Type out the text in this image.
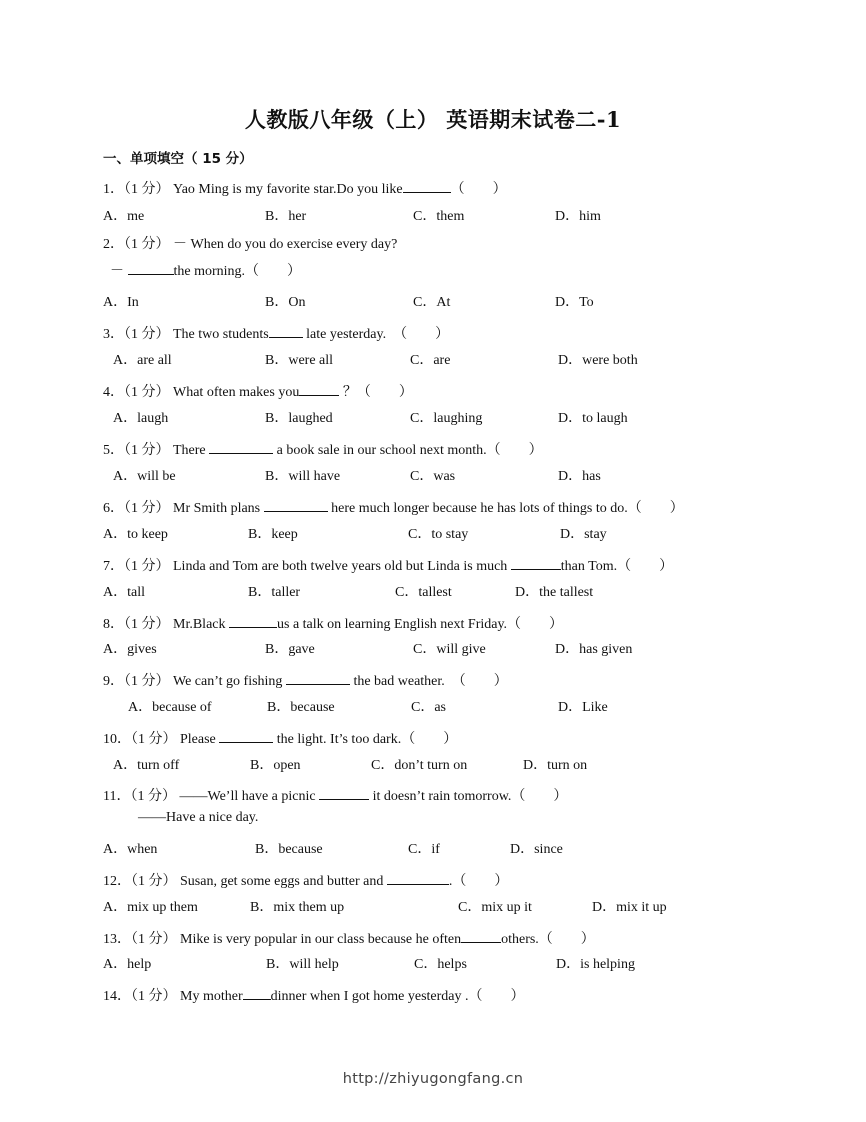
人教版八年级（上） 英语期末试卷二-1
一、单项填空（ 15 分）
1．（1 分） Yao Ming is my favorite star.Do you like	（　　）
A．me	B．her	C．them	D．him
2．（1 分） － When do you do exercise every day?
－	the morning.（　　）
A．In	B．On	C．At	D．To
3．（1 分） The two students	late yesterday.　（　　）
A．are all	B．were all	C．are	D．were both
4．（1 分） What often makes you	？（　　）
A．laugh	B．laughed	C．laughing	D．to laugh
5．（1 分） There	a book sale in our school next month.（　　）
A．will be	B．will have	C．was	D．has
6．（1 分） Mr Smith plans	here much longer because he has lots of things to do.（　　）
A．to keep	B．keep	C．to stay	D．stay
7．（1 分） Linda and Tom are both twelve years old but Linda is much	than Tom.（　　）
A．tall	B．taller	C．tallest	D．the tallest
8．（1 分） Mr.Black	us a talk on learning English next Friday.（　　）
A．gives	B．gave	C．will give	D．has given
9．（1 分） We can’t go fishing	the bad weather.　（　　）
A．because of	B．because	C．as	D．Like
10．（1 分） Please	the light. It’s too dark.（　　）
A．turn off	B．open	C．don’t turn on	D．turn on
11．（1 分） ——We’ll have a picnic	it doesn’t rain tomorrow.（　　）
——Have a nice day.
A．when	B．because	C．if	D．since
12．（1 分） Susan, get some eggs and butter and	.（　　）
A．mix up them	B．mix them up	C．mix up it	D．mix it up
13．（1 分） Mike is very popular in our class because he often	others.（　　）
A．help	B．will help	C．helps	D．is helping
14．（1 分） My mother dinner when I got home yesterday .（　　）
http://zhiyugongfang.cn
